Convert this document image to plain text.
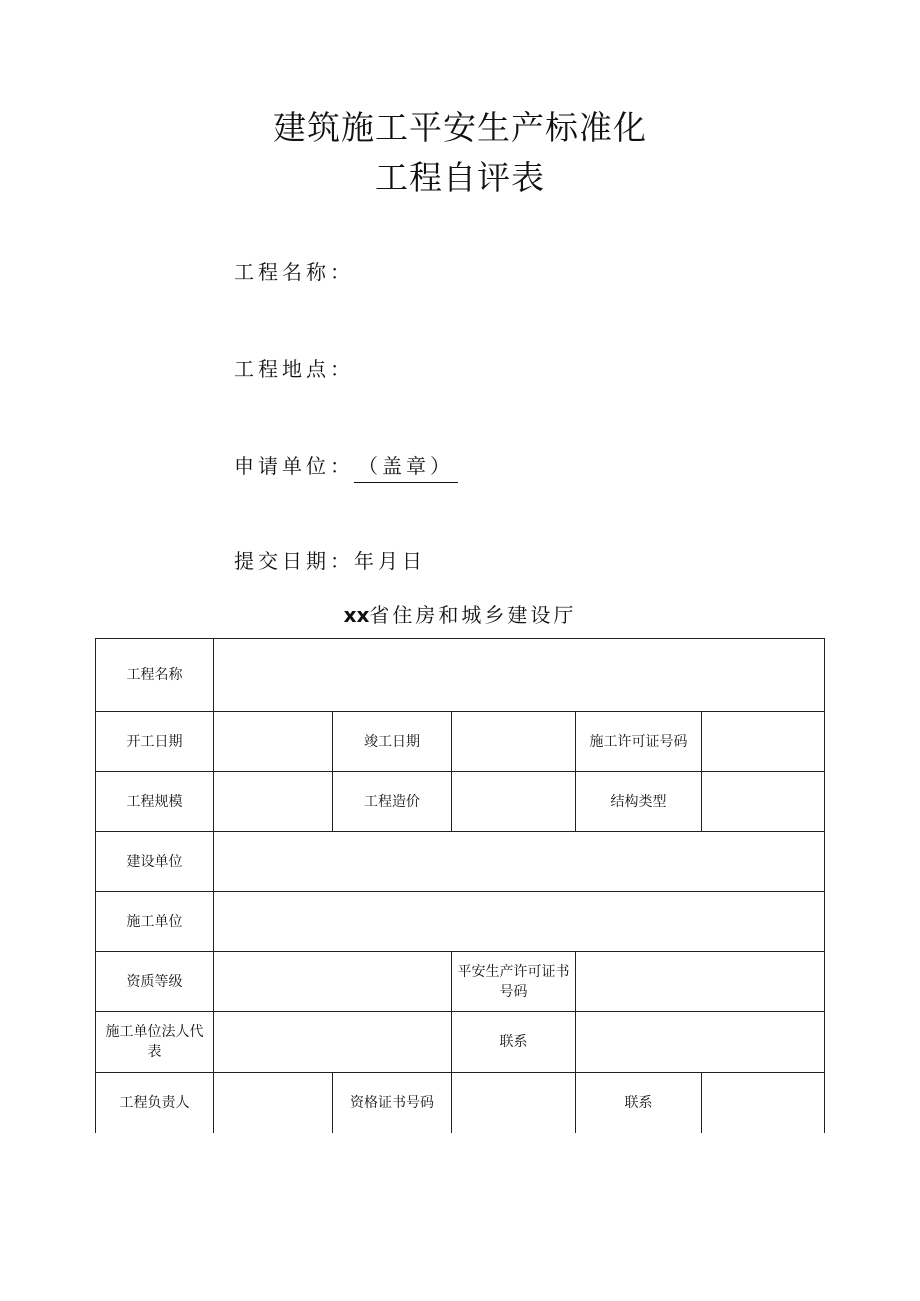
建筑施工平安生产标准化
工程自评表
工程名称：
工程地点：
申请单位： （盖章）
提交日期：年月日
xx省住房和城乡建设厅
工程名称					
开工日期		竣工日期		施工许可证号码	
工程规模		工程造价		结构类型	
建设单位					
施工单位					
资质等级			平安生产许可证书号码		
施工单位法人代表			联系		
工程负责人		资格证书号码		联系	
